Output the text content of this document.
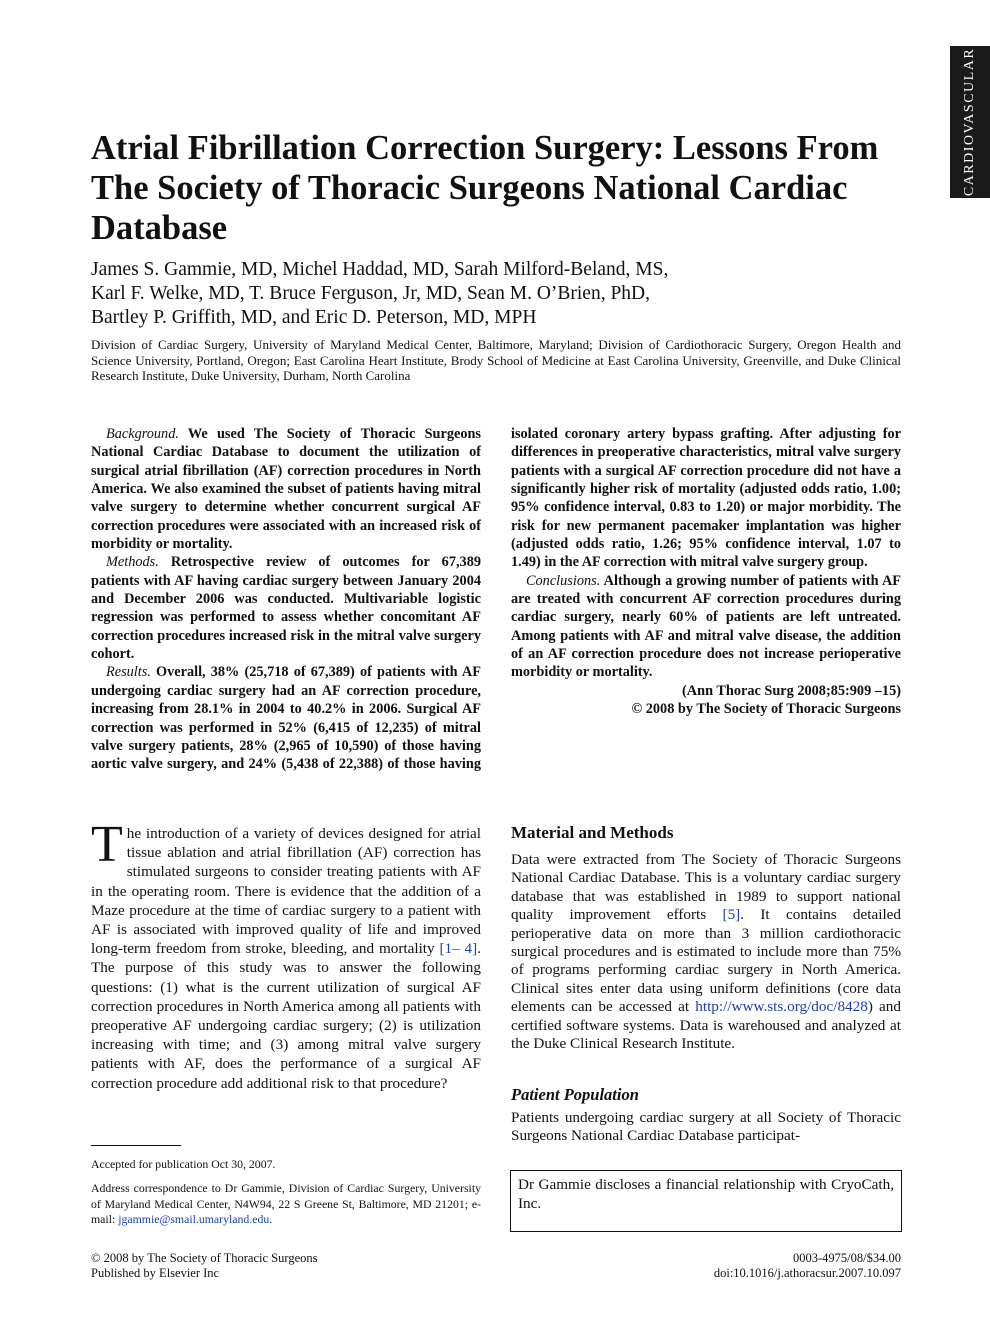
CARDIOVASCULAR
Atrial Fibrillation Correction Surgery: Lessons From The Society of Thoracic Surgeons National Cardiac Database
James S. Gammie, MD, Michel Haddad, MD, Sarah Milford-Beland, MS,
Karl F. Welke, MD, T. Bruce Ferguson, Jr, MD, Sean M. O’Brien, PhD,
Bartley P. Griffith, MD, and Eric D. Peterson, MD, MPH

Division of Cardiac Surgery, University of Maryland Medical Center, Baltimore, Maryland; Division of Cardiothoracic Surgery, Oregon Health and Science University, Portland, Oregon; East Carolina Heart Institute, Brody School of Medicine at East Carolina University, Greenville, and Duke Clinical Research Institute, Duke University, Durham, North Carolina

Background. We used The Society of Thoracic Surgeons National Cardiac Database to document the utilization of surgical atrial fibrillation (AF) correction procedures in North America. We also examined the subset of patients having mitral valve surgery to determine whether concurrent surgical AF correction procedures were associated with an increased risk of morbidity or mortality.

Methods. Retrospective review of outcomes for 67,389 patients with AF having cardiac surgery between January 2004 and December 2006 was conducted. Multivariable logistic regression was performed to assess whether concomitant AF correction procedures increased risk in the mitral valve surgery cohort.

Results. Overall, 38% (25,718 of 67,389) of patients with AF undergoing cardiac surgery had an AF correction procedure, increasing from 28.1% in 2004 to 40.2% in 2006. Surgical AF correction was performed in 52% (6,415 of 12,235) of mitral valve surgery patients, 28% (2,965 of 10,590) of those having aortic valve surgery, and 24% (5,438 of 22,388) of those having isolated coronary artery bypass grafting. After adjusting for differences in preoperative characteristics, mitral valve surgery patients with a surgical AF correction procedure did not have a significantly higher risk of mortality (adjusted odds ratio, 1.00; 95% confidence interval, 0.83 to 1.20) or major morbidity. The risk for new permanent pacemaker implantation was higher (adjusted odds ratio, 1.26; 95% confidence interval, 1.07 to 1.49) in the AF correction with mitral valve surgery group.

Conclusions. Although a growing number of patients with AF are treated with concurrent AF correction procedures during cardiac surgery, nearly 60% of patients are left untreated. Among patients with AF and mitral valve disease, the addition of an AF correction procedure does not increase perioperative morbidity or mortality.

(Ann Thorac Surg 2008;85:909 –15)

© 2008 by The Society of Thoracic Surgeons

The introduction of a variety of devices designed for atrial tissue ablation and atrial fibrillation (AF) correction has stimulated surgeons to consider treating patients with AF in the operating room. There is evidence that the addition of a Maze procedure at the time of cardiac surgery to a patient with AF is associated with improved quality of life and improved long-term freedom from stroke, bleeding, and mortality [1– 4]. The purpose of this study was to answer the following questions: (1) what is the current utilization of surgical AF correction procedures in North America among all patients with preoperative AF undergoing cardiac surgery; (2) is utilization increasing with time; and (3) among mitral valve surgery patients with AF, does the performance of a surgical AF correction procedure add additional risk to that procedure?

Accepted for publication Oct 30, 2007.

Address correspondence to Dr Gammie, Division of Cardiac Surgery, University of Maryland Medical Center, N4W94, 22 S Greene St, Baltimore, MD 21201; e-mail: jgammie@smail.umaryland.edu.

Material and Methods

Data were extracted from The Society of Thoracic Surgeons National Cardiac Database. This is a voluntary cardiac surgery database that was established in 1989 to support national quality improvement efforts [5]. It contains detailed perioperative data on more than 3 million cardiothoracic surgical procedures and is estimated to include more than 75% of programs performing cardiac surgery in North America. Clinical sites enter data using uniform definitions (core data elements can be accessed at http://www.sts.org/doc/8428) and certified software systems. Data is warehoused and analyzed at the Duke Clinical Research Institute.

Patient Population

Patients undergoing cardiac surgery at all Society of Thoracic Surgeons National Cardiac Database participat-

Dr Gammie discloses a financial relationship with CryoCath, Inc.

© 2008 by The Society of Thoracic Surgeons
Published by Elsevier Inc
0003-4975/08/$34.00
doi:10.1016/j.athoracsur.2007.10.097
